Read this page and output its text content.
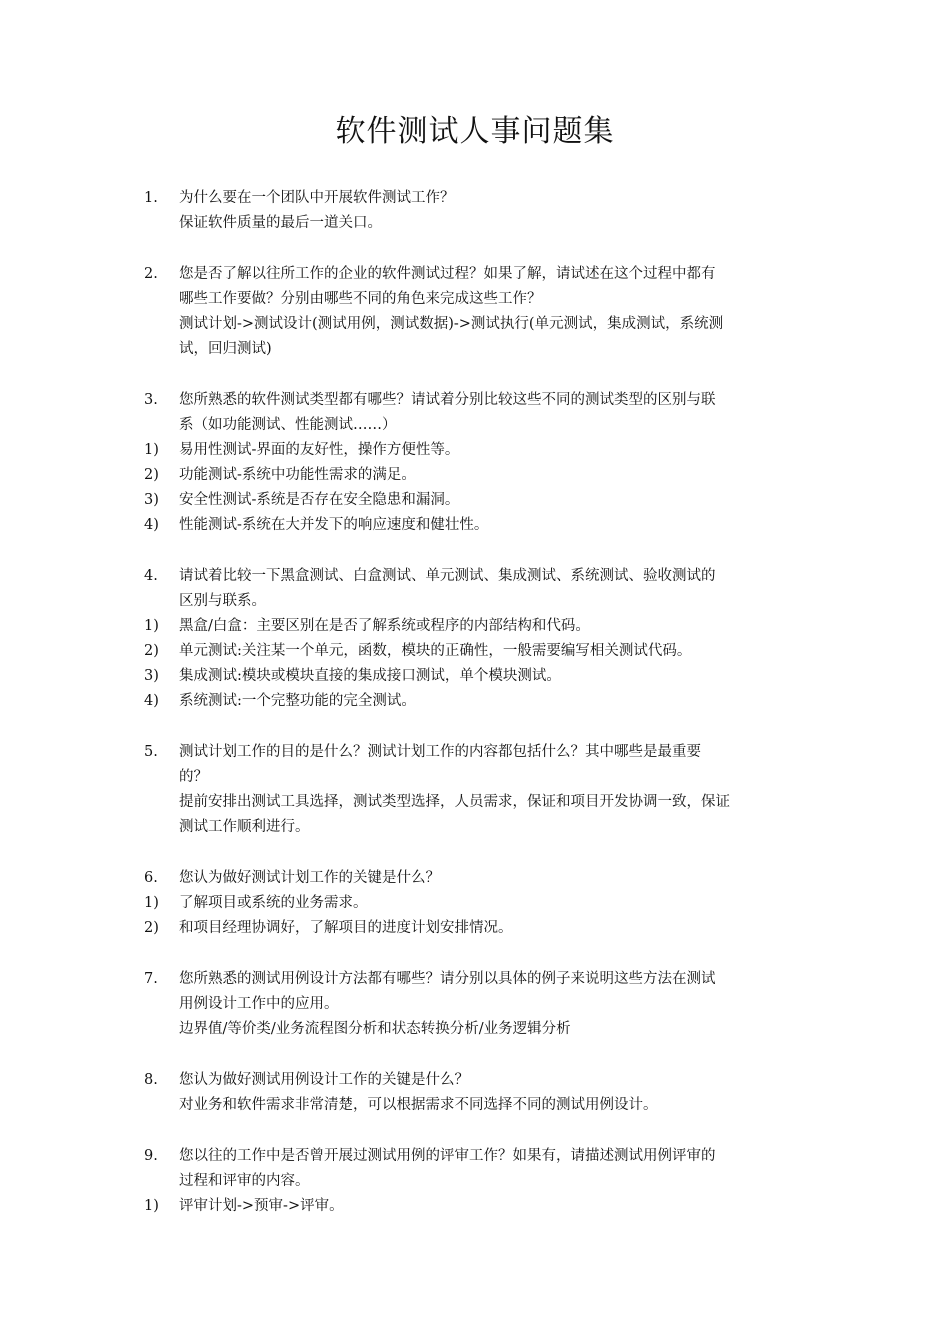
软件测试人事问题集
1. 为什么要在一个团队中开展软件测试工作？
保证软件质量的最后一道关口。
2. 您是否了解以往所工作的企业的软件测试过程？如果了解，请试述在这个过程中都有
哪些工作要做？分别由哪些不同的角色来完成这些工作？
测试计划->测试设计(测试用例，测试数据)->测试执行(单元测试，集成测试，系统测
试，回归测试)
3. 您所熟悉的软件测试类型都有哪些？请试着分别比较这些不同的测试类型的区别与联
系（如功能测试、性能测试……）
1) 易用性测试-界面的友好性，操作方便性等。
2) 功能测试-系统中功能性需求的满足。
3) 安全性测试-系统是否存在安全隐患和漏洞。
4) 性能测试-系统在大并发下的响应速度和健壮性。
4. 请试着比较一下黑盒测试、白盒测试、单元测试、集成测试、系统测试、验收测试的
区别与联系。
1) 黑盒/白盒：主要区别在是否了解系统或程序的内部结构和代码。
2) 单元测试:关注某一个单元，函数，模块的正确性，一般需要编写相关测试代码。
3) 集成测试:模块或模块直接的集成接口测试，单个模块测试。
4) 系统测试:一个完整功能的完全测试。
5. 测试计划工作的目的是什么？测试计划工作的内容都包括什么？其中哪些是最重要
的？
提前安排出测试工具选择，测试类型选择，人员需求，保证和项目开发协调一致，保证
测试工作顺利进行。
6. 您认为做好测试计划工作的关键是什么？
1) 了解项目或系统的业务需求。
2) 和项目经理协调好，了解项目的进度计划安排情况。
7. 您所熟悉的测试用例设计方法都有哪些？请分别以具体的例子来说明这些方法在测试
用例设计工作中的应用。
边界值/等价类/业务流程图分析和状态转换分析/业务逻辑分析
8. 您认为做好测试用例设计工作的关键是什么？
对业务和软件需求非常清楚，可以根据需求不同选择不同的测试用例设计。
9. 您以往的工作中是否曾开展过测试用例的评审工作？如果有，请描述测试用例评审的
过程和评审的内容。
1) 评审计划->预审->评审。
